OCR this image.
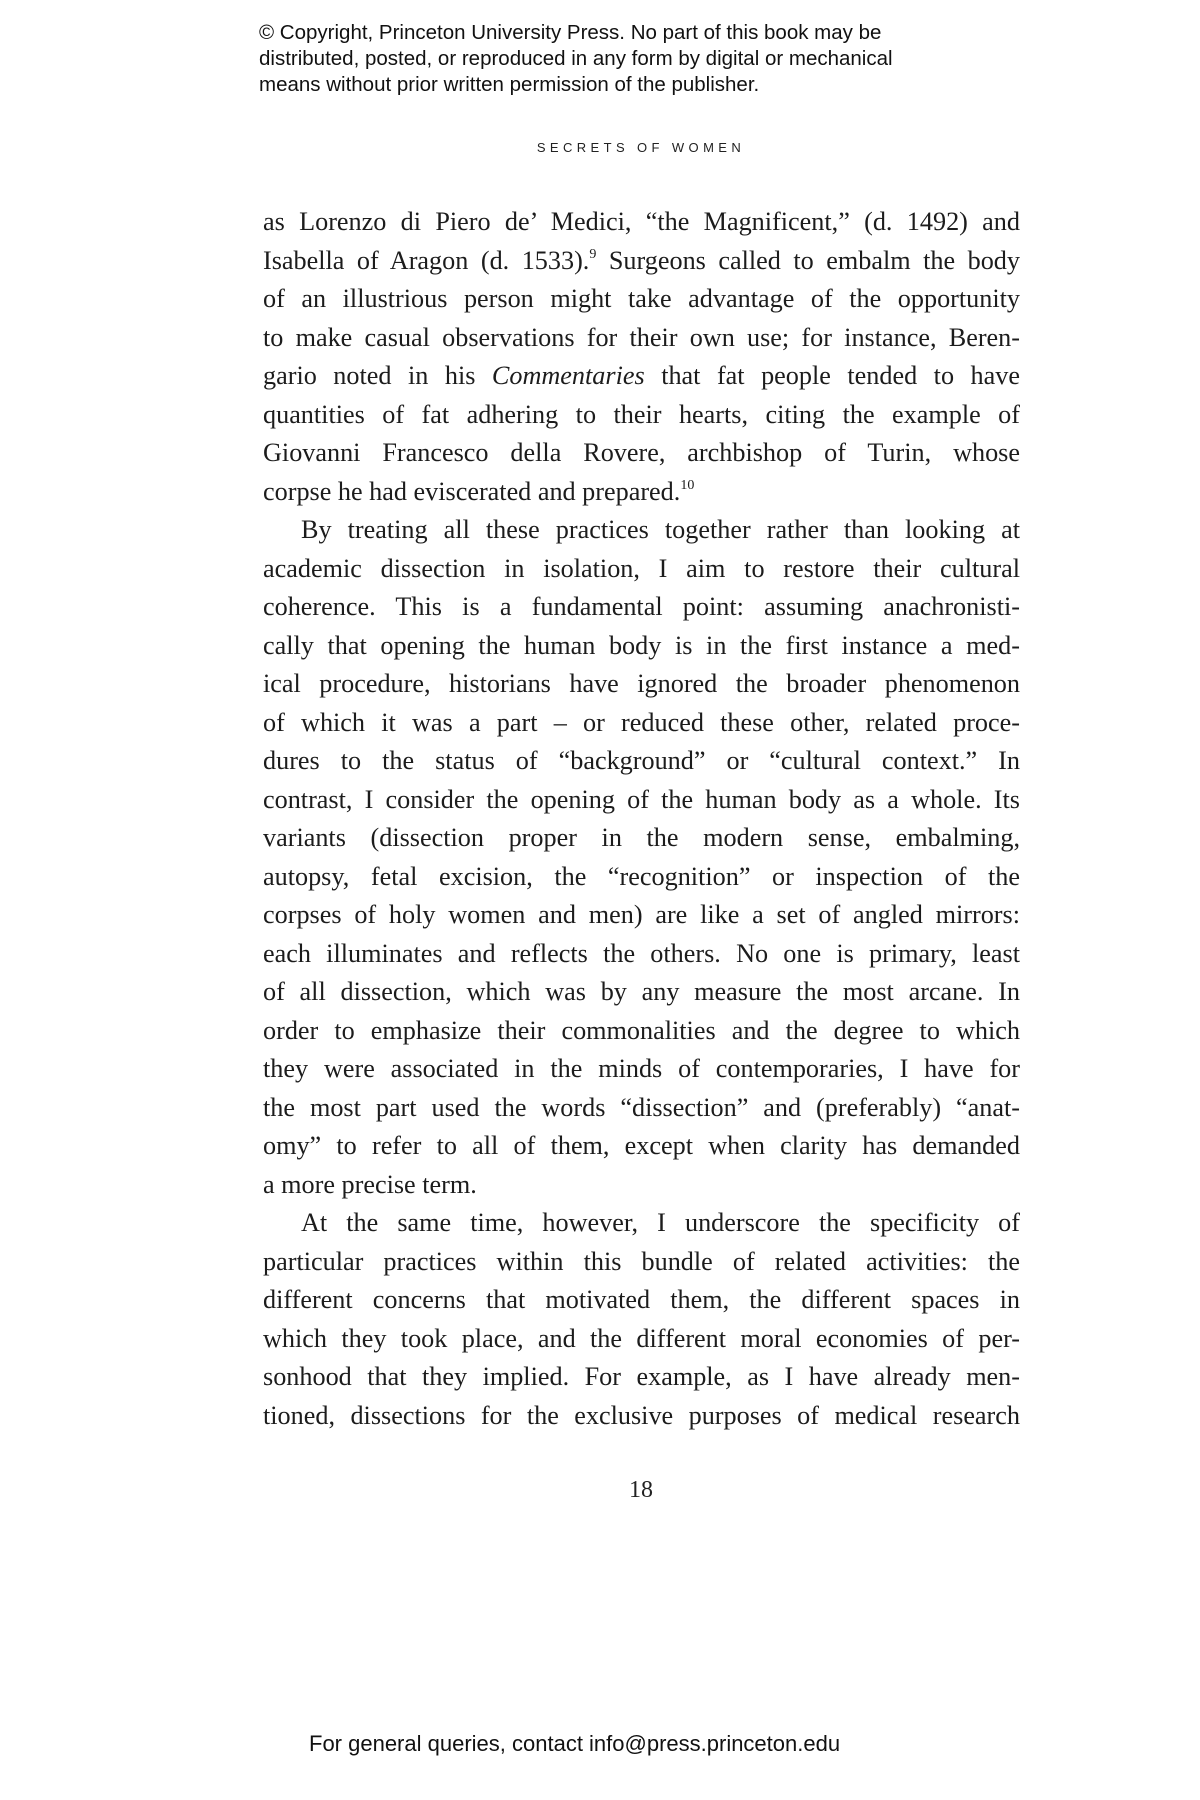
© Copyright, Princeton University Press. No part of this book may be
distributed, posted, or reproduced in any form by digital or mechanical
means without prior written permission of the publisher.
SECRETS OF WOMEN
as Lorenzo di Piero de’ Medici, “the Magnificent,” (d. 1492) and
Isabella of Aragon (d. 1533).$^9$ Surgeons called to embalm the body
of an illustrious person might take advantage of the opportunity
to make casual observations for their own use; for instance, Beren-
gario noted in his Commentaries that fat people tended to have
quantities of fat adhering to their hearts, citing the example of
Giovanni Francesco della Rovere, archbishop of Turin, whose
corpse he had eviscerated and prepared.$^{10}$
By treating all these practices together rather than looking at
academic dissection in isolation, I aim to restore their cultural
coherence. This is a fundamental point: assuming anachronisti-
cally that opening the human body is in the first instance a med-
ical procedure, historians have ignored the broader phenomenon
of which it was a part – or reduced these other, related proce-
dures to the status of “background” or “cultural context.” In
contrast, I consider the opening of the human body as a whole. Its
variants (dissection proper in the modern sense, embalming,
autopsy, fetal excision, the “recognition” or inspection of the
corpses of holy women and men) are like a set of angled mirrors:
each illuminates and reflects the others. No one is primary, least
of all dissection, which was by any measure the most arcane. In
order to emphasize their commonalities and the degree to which
they were associated in the minds of contemporaries, I have for
the most part used the words “dissection” and (preferably) “anat-
omy” to refer to all of them, except when clarity has demanded
a more precise term.
At the same time, however, I underscore the specificity of
particular practices within this bundle of related activities: the
different concerns that motivated them, the different spaces in
which they took place, and the different moral economies of per-
sonhood that they implied. For example, as I have already men-
tioned, dissections for the exclusive purposes of medical research
18
For general queries, contact info@press.princeton.edu
